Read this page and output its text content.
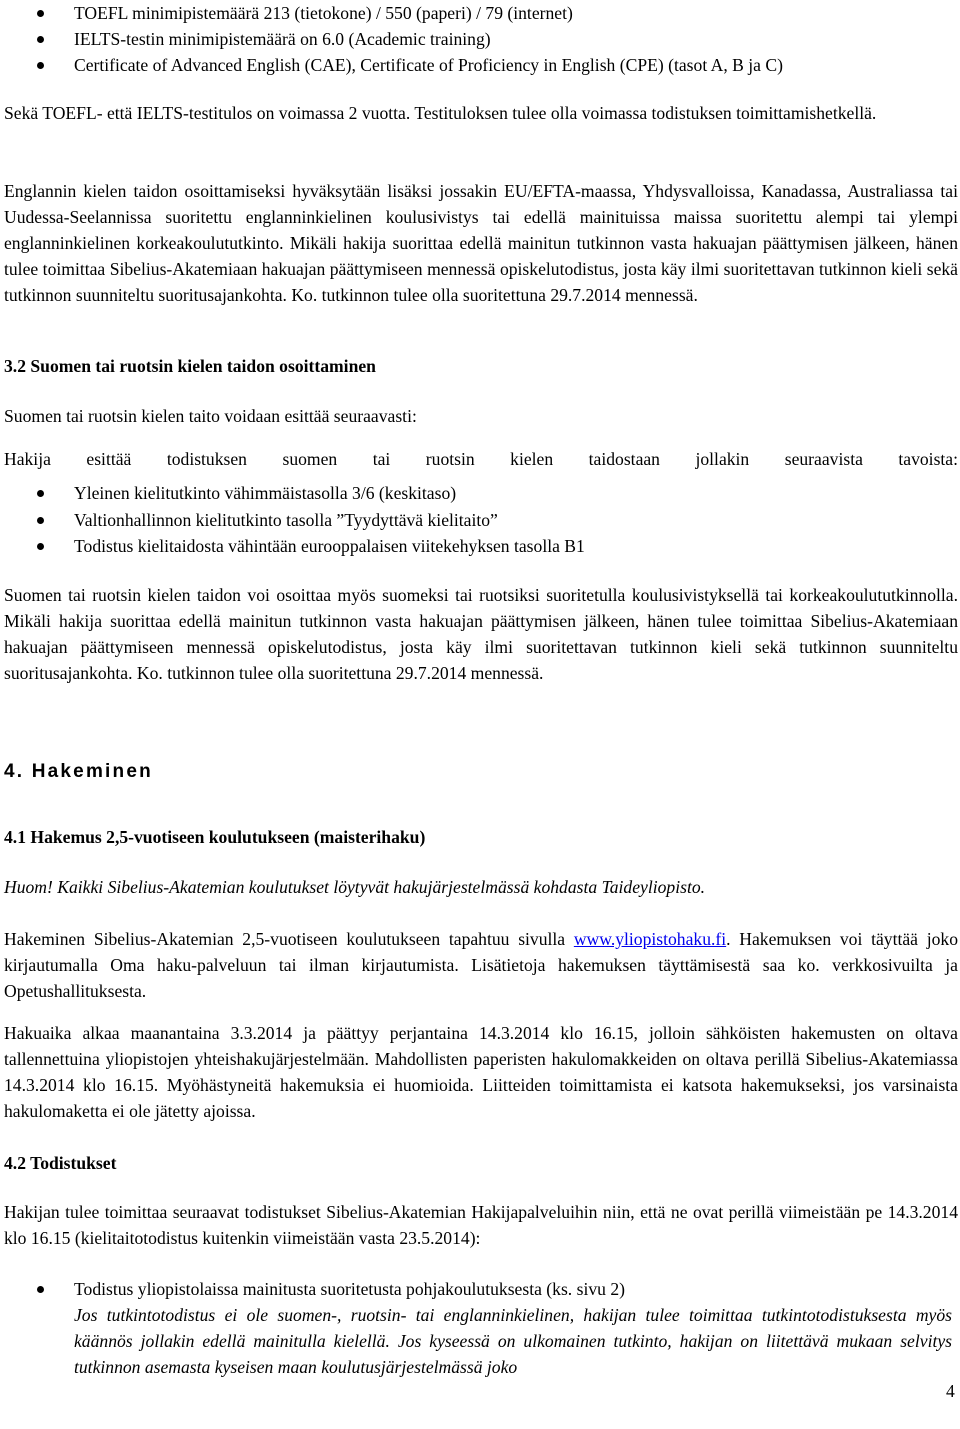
TOEFL minimipistemäärä 213 (tietokone) / 550 (paperi) / 79 (internet)
IELTS-testin minimipistemäärä on 6.0 (Academic training)
Certificate of Advanced English (CAE), Certificate of Proficiency in English (CPE) (tasot A, B ja C)

Sekä TOEFL- että IELTS-testitulos on voimassa 2 vuotta. Testituloksen tulee olla voimassa todistuksen toimittamishetkellä.

Englannin kielen taidon osoittamiseksi hyväksytään lisäksi jossakin EU/EFTA-maassa, Yhdysvalloissa, Kanadassa, Australiassa tai Uudessa-Seelannissa suoritettu englanninkielinen koulusivistys tai edellä mainituissa maissa suoritettu alempi tai ylempi englanninkielinen korkeakoulututkinto. Mikäli hakija suorittaa edellä mainitun tutkinnon vasta hakuajan päättymisen jälkeen, hänen tulee toimittaa Sibelius-Akatemiaan hakuajan päättymiseen mennessä opiskelutodistus, josta käy ilmi suoritettavan tutkinnon kieli sekä tutkinnon suunniteltu suoritusajankohta. Ko. tutkinnon tulee olla suoritettuna 29.7.2014 mennessä.

3.2 Suomen tai ruotsin kielen taidon osoittaminen

Suomen tai ruotsin kielen taito voidaan esittää seuraavasti:

Hakija esittää todistuksen suomen tai ruotsin kielen taidostaan jollakin seuraavista tavoista:

Yleinen kielitutkinto vähimmäistasolla 3/6 (keskitaso)
Valtionhallinnon kielitutkinto tasolla ”Tyydyttävä kielitaito”
Todistus kielitaidosta vähintään eurooppalaisen viitekehyksen tasolla B1

Suomen tai ruotsin kielen taidon voi osoittaa myös suomeksi tai ruotsiksi suoritetulla koulusivistyksellä tai korkeakoulututkinnolla. Mikäli hakija suorittaa edellä mainitun tutkinnon vasta hakuajan päättymisen jälkeen, hänen tulee toimittaa Sibelius-Akatemiaan hakuajan päättymiseen mennessä opiskelutodistus, josta käy ilmi suoritettavan tutkinnon kieli sekä tutkinnon suunniteltu suoritusajankohta. Ko. tutkinnon tulee olla suoritettuna 29.7.2014 mennessä.

4. Hakeminen
4.1 Hakemus 2,5-vuotiseen koulutukseen (maisterihaku)

Huom! Kaikki Sibelius-Akatemian koulutukset löytyvät hakujärjestelmässä kohdasta Taideyliopisto.

Hakeminen Sibelius-Akatemian 2,5-vuotiseen koulutukseen tapahtuu sivulla www.yliopistohaku.fi. Hakemuksen voi täyttää joko kirjautumalla Oma haku-palveluun tai ilman kirjautumista. Lisätietoja hakemuksen täyttämisestä saa ko. verkkosivuilta ja Opetushallituksesta.

Hakuaika alkaa maanantaina 3.3.2014 ja päättyy perjantaina 14.3.2014 klo 16.15, jolloin sähköisten hakemusten on oltava tallennettuina yliopistojen yhteishakujärjestelmään. Mahdollisten paperisten hakulomakkeiden on oltava perillä Sibelius-Akatemiassa 14.3.2014 klo 16.15. Myöhästyneitä hakemuksia ei huomioida. Liitteiden toimittamista ei katsota hakemukseksi, jos varsinaista hakulomaketta ei ole jätetty ajoissa.

4.2 Todistukset

Hakijan tulee toimittaa seuraavat todistukset Sibelius-Akatemian Hakijapalveluihin niin, että ne ovat perillä viimeistään pe 14.3.2014 klo 16.15 (kielitaitotodistus kuitenkin viimeistään vasta 23.5.2014):

Todistus yliopistolaissa mainitusta suoritetusta pohjakoulutuksesta (ks. sivu 2)

Jos tutkintotodistus ei ole suomen-, ruotsin- tai englanninkielinen, hakijan tulee toimittaa tutkintotodistuksesta myös käännös jollakin edellä mainitulla kielellä. Jos kyseessä on ulkomainen tutkinto, hakijan on liitettävä mukaan selvitys tutkinnon asemasta kyseisen maan koulutusjärjestelmässä joko

4
